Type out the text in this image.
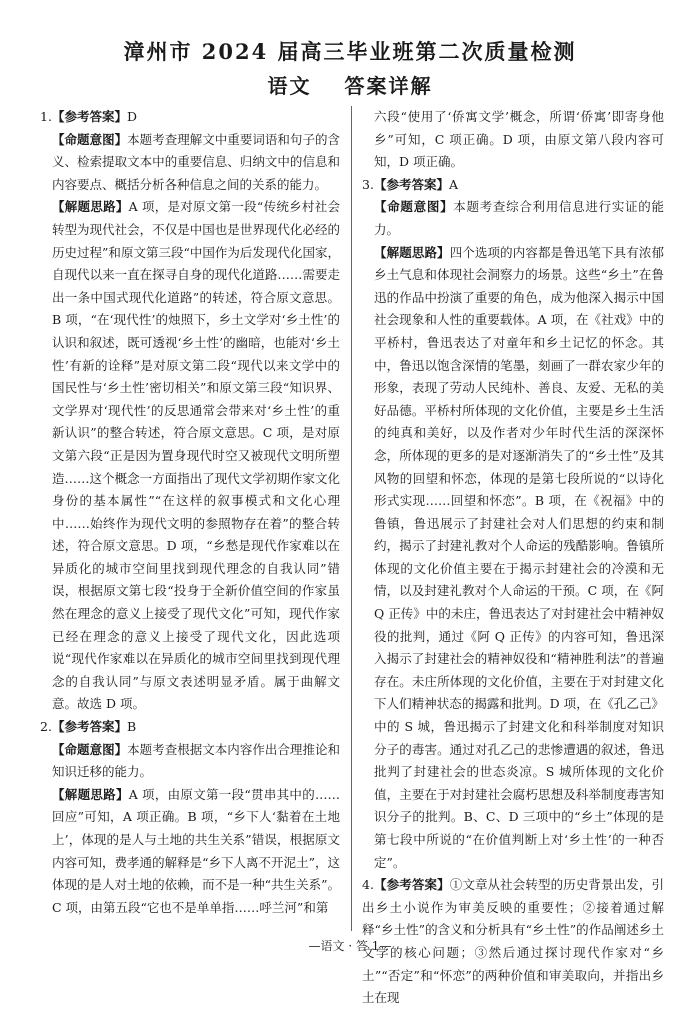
漳州市 2024 届高三毕业班第二次质量检测
语文 答案详解

1.【参考答案】D

【命题意图】本题考查理解文中重要词语和句子的含义、检索提取文本中的重要信息、归纳文中的信息和内容要点、概括分析各种信息之间的关系的能力。

【解题思路】A 项，是对原文第一段“传统乡村社会转型为现代社会，不仅是中国也是世界现代化必经的历史过程”和原文第三段“中国作为后发现代化国家，自现代以来一直在探寻自身的现代化道路……需要走出一条中国式现代化道路”的转述，符合原文意思。B 项，“在‘现代性’的烛照下，乡土文学对‘乡土性’的认识和叙述，既可透视‘乡土性’的幽暗，也能对‘乡土性’有新的诠释”是对原文第二段“现代以来文学中的国民性与‘乡土性’密切相关”和原文第三段“知识界、文学界对‘现代性’的反思通常会带来对‘乡土性’的重新认识”的整合转述，符合原文意思。C 项，是对原文第六段“正是因为置身现代时空又被现代文明所塑造……这个概念一方面指出了现代文学初期作家文化身份的基本属性”“在这样的叙事模式和文化心理中……始终作为现代文明的参照物存在着”的整合转述，符合原文意思。D 项，“乡愁是现代作家难以在异质化的城市空间里找到现代理念的自我认同”错误，根据原文第七段“投身于全新价值空间的作家虽然在理念的意义上接受了现代文化”可知，现代作家已经在理念的意义上接受了现代文化，因此选项说“现代作家难以在异质化的城市空间里找到现代理念的自我认同”与原文表述明显矛盾。属于曲解文意。故选 D 项。

2.【参考答案】B

【命题意图】本题考查根据文本内容作出合理推论和知识迁移的能力。

【解题思路】A 项，由原文第一段“贯串其中的……回应”可知，A 项正确。B 项，“乡下人‘黏着在土地上’，体现的是人与土地的共生关系”错误，根据原文内容可知，费孝通的解释是“乡下人离不开泥土”，这体现的是人对土地的依赖，而不是一种“共生关系”。C 项，由第五段“它也不是单单指……呼兰河”和第

六段“使用了‘侨寓文学’概念，所谓‘侨寓’即寄身他乡”可知，C 项正确。D 项，由原文第八段内容可知，D 项正确。

3.【参考答案】A

【命题意图】本题考查综合利用信息进行实证的能力。

【解题思路】四个选项的内容都是鲁迅笔下具有浓郁乡土气息和体现社会洞察力的场景。这些“乡土”在鲁迅的作品中扮演了重要的角色，成为他深入揭示中国社会现象和人性的重要载体。A 项，在《社戏》中的平桥村，鲁迅表达了对童年和乡土记忆的怀念。其中，鲁迅以饱含深情的笔墨，刻画了一群农家少年的形象，表现了劳动人民纯朴、善良、友爱、无私的美好品德。平桥村所体现的文化价值，主要是乡土生活的纯真和美好，以及作者对少年时代生活的深深怀念，所体现的更多的是对逐渐消失了的“乡土性”及其风物的回望和怀恋，体现的是第七段所说的“以诗化形式实现……回望和怀恋”。B 项，在《祝福》中的鲁镇，鲁迅展示了封建社会对人们思想的约束和制约，揭示了封建礼教对个人命运的残酷影响。鲁镇所体现的文化价值主要在于揭示封建社会的冷漠和无情，以及封建礼教对个人命运的干预。C 项，在《阿 Q 正传》中的未庄，鲁迅表达了对封建社会中精神奴役的批判，通过《阿 Q 正传》的内容可知，鲁迅深入揭示了封建社会的精神奴役和“精神胜利法”的普遍存在。未庄所体现的文化价值，主要在于对封建文化下人们精神状态的揭露和批判。D 项，在《孔乙己》中的 S 城，鲁迅揭示了封建文化和科举制度对知识分子的毒害。通过对孔乙己的悲惨遭遇的叙述，鲁迅批判了封建社会的世态炎凉。S 城所体现的文化价值，主要在于对封建社会腐朽思想及科举制度毒害知识分子的批判。B、C、D 三项中的“乡土”体现的是第七段中所说的“在价值判断上对‘乡土性’的一种否定”。

4.【参考答案】①文章从社会转型的历史背景出发，引出乡土小说作为审美反映的重要性；②接着通过解释“乡土性”的含义和分析具有“乡土性”的作品阐述乡土文学的核心问题；③然后通过探讨现代作家对“乡土”“否定”和“怀恋”的两种价值和审美取向，并指出乡土在现

—语文 · 答 1—
